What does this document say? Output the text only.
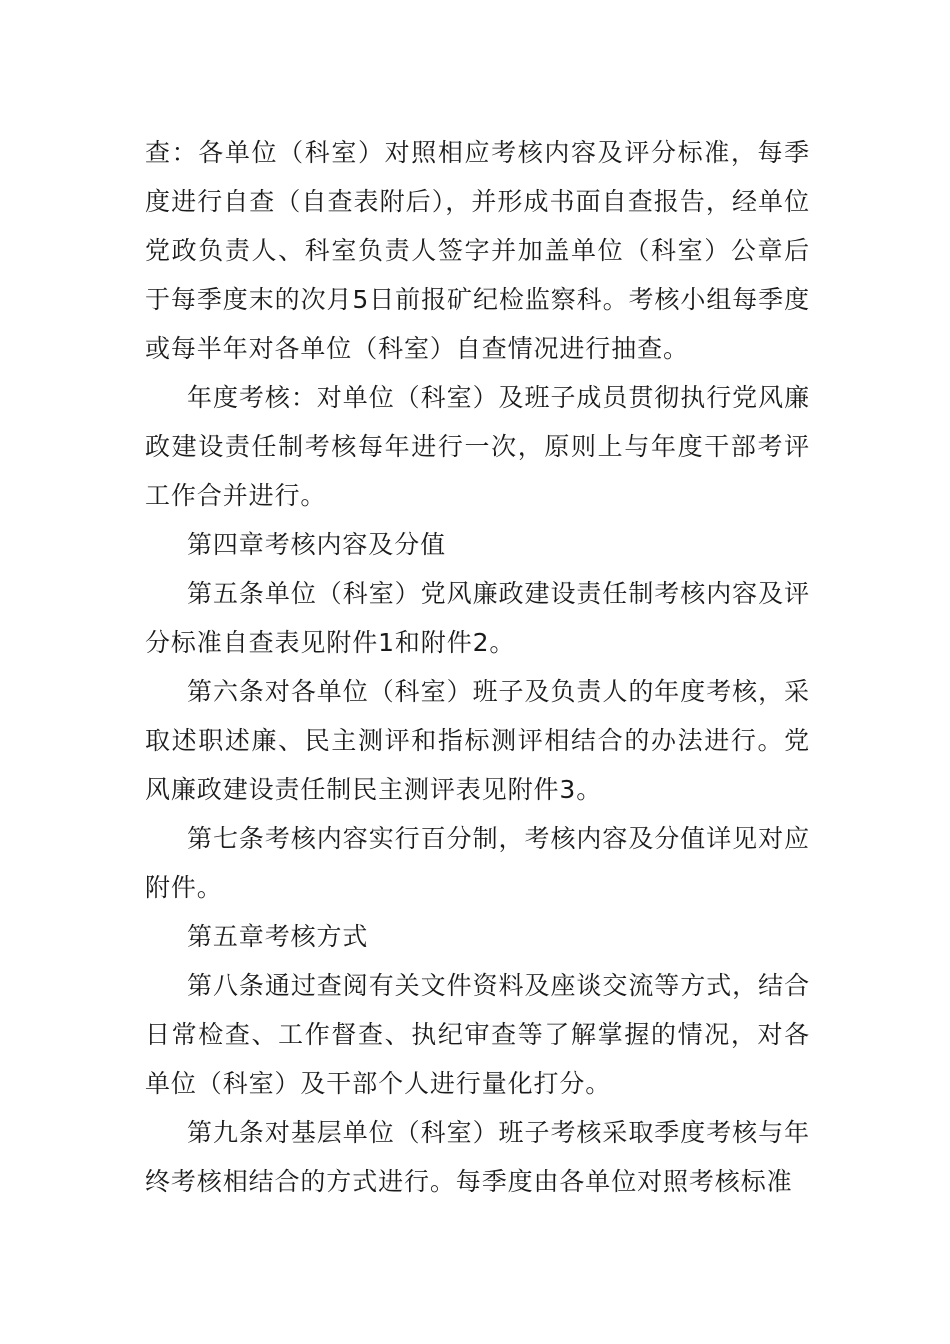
查：各单位（科室）对照相应考核内容及评分标准，每季度进行自查（自查表附后），并形成书面自查报告，经单位党政负责人、科室负责人签字并加盖单位（科室）公章后于每季度末的次月5日前报矿纪检监察科。考核小组每季度或每半年对各单位（科室）自查情况进行抽查。

年度考核：对单位（科室）及班子成员贯彻执行党风廉政建设责任制考核每年进行一次，原则上与年度干部考评工作合并进行。

第四章考核内容及分值

第五条单位（科室）党风廉政建设责任制考核内容及评分标准自查表见附件1和附件2。

第六条对各单位（科室）班子及负责人的年度考核，采取述职述廉、民主测评和指标测评相结合的办法进行。党风廉政建设责任制民主测评表见附件3。

第七条考核内容实行百分制，考核内容及分值详见对应附件。

第五章考核方式

第八条通过查阅有关文件资料及座谈交流等方式，结合日常检查、工作督查、执纪审查等了解掌握的情况，对各单位（科室）及干部个人进行量化打分。

第九条对基层单位（科室）班子考核采取季度考核与年终考核相结合的方式进行。每季度由各单位对照考核标准
